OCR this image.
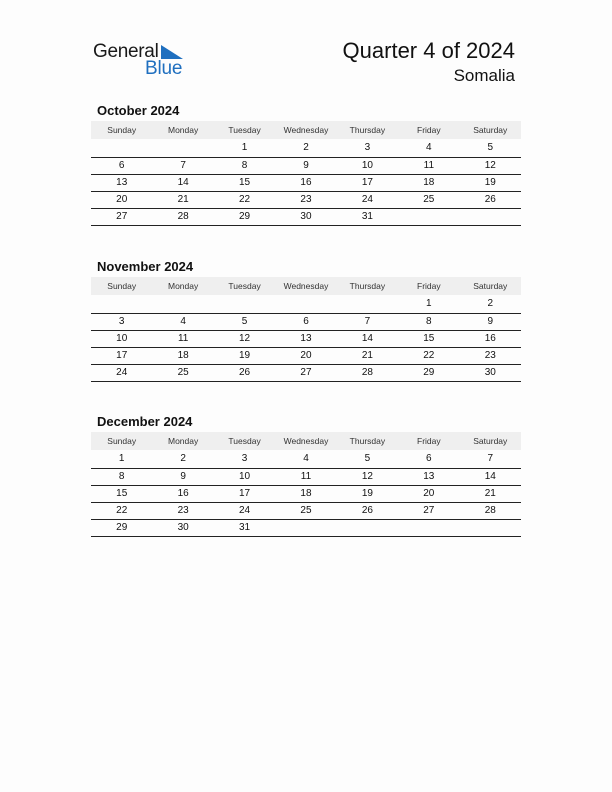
General
Blue
Quarter 4 of 2024
Somalia
October 2024
Sunday	Monday	Tuesday	Wednesday	Thursday	Friday	Saturday
		1	2	3	4	5
6	7	8	9	10	11	12
13	14	15	16	17	18	19
20	21	22	23	24	25	26
27	28	29	30	31		
November 2024
Sunday	Monday	Tuesday	Wednesday	Thursday	Friday	Saturday
					1	2
3	4	5	6	7	8	9
10	11	12	13	14	15	16
17	18	19	20	21	22	23
24	25	26	27	28	29	30
December 2024
Sunday	Monday	Tuesday	Wednesday	Thursday	Friday	Saturday
1	2	3	4	5	6	7
8	9	10	11	12	13	14
15	16	17	18	19	20	21
22	23	24	25	26	27	28
29	30	31				
